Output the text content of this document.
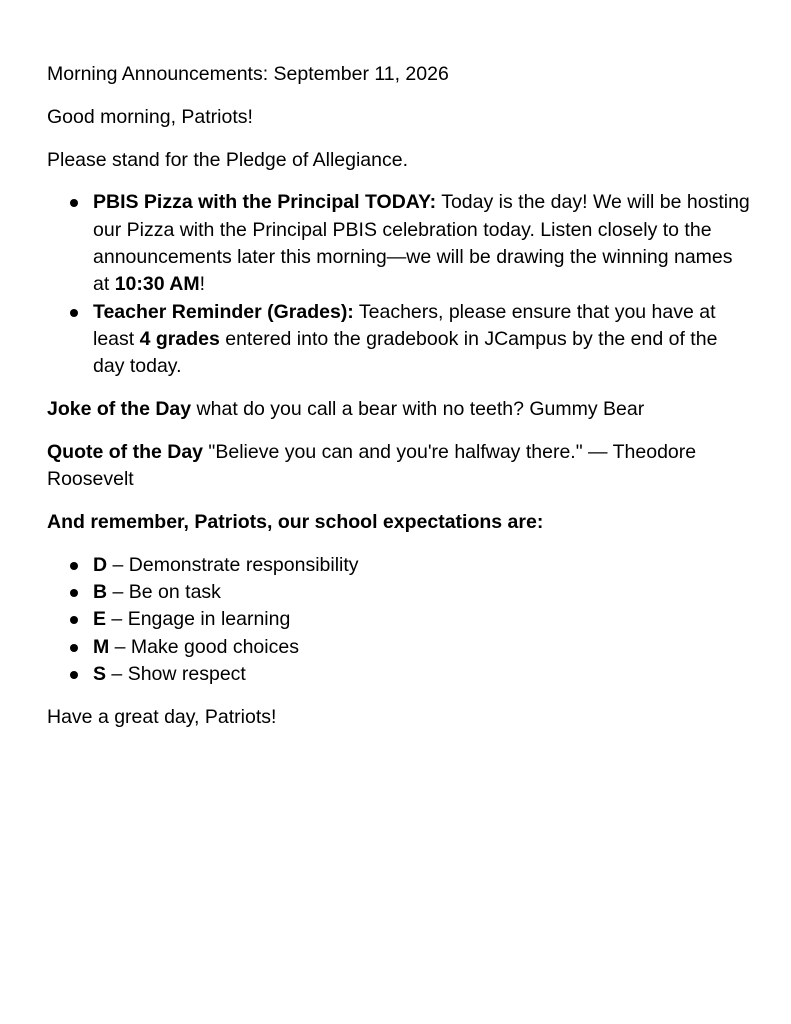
Morning Announcements: September 11, 2026

Good morning, Patriots!

Please stand for the Pledge of Allegiance.

PBIS Pizza with the Principal TODAY: Today is the day! We will be hosting our Pizza with the Principal PBIS celebration today. Listen closely to the announcements later this morning—we will be drawing the winning names at 10:30 AM!
Teacher Reminder (Grades): Teachers, please ensure that you have at least 4 grades entered into the gradebook in JCampus by the end of the day today.

Joke of the Day what do you call a bear with no teeth? Gummy Bear

Quote of the Day "Believe you can and you're halfway there." — Theodore Roosevelt

And remember, Patriots, our school expectations are:

D – Demonstrate responsibility
B – Be on task
E – Engage in learning
M – Make good choices
S – Show respect

Have a great day, Patriots!
